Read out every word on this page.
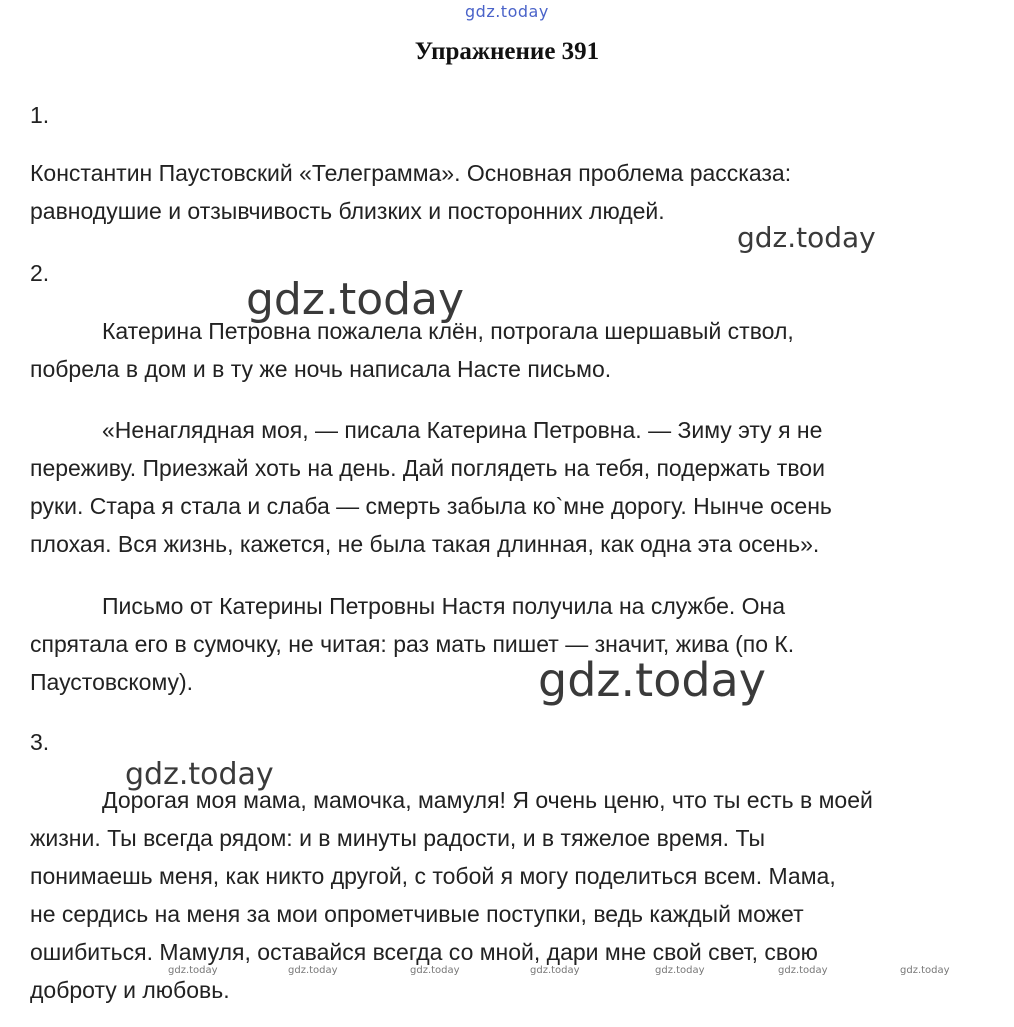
gdz.today
Упражнение 391
1.
Константин Паустовский «Телеграмма». Основная проблема рассказа:
равнодушие и отзывчивость близких и посторонних людей.
2.
Катерина Петровна пожалела клён, потрогала шершавый ствол,
побрела в дом и в ту же ночь написала Насте письмо.
«Ненаглядная моя, — писала Катерина Петровна. — Зиму эту я не
переживу. Приезжай хоть на день. Дай поглядеть на тебя, подержать твои
руки. Стара я стала и слаба — смерть забыла ко`мне дорогу. Нынче осень
плохая. Вся жизнь, кажется, не была такая длинная, как одна эта осень».
Письмо от Катерины Петровны Настя получила на службе. Она
спрятала его в сумочку, не читая: раз мать пишет — значит, жива (по К.
Паустовскому).
3.
Дорогая моя мама, мамочка, мамуля! Я очень ценю, что ты есть в моей
жизни. Ты всегда рядом: и в минуты радости, и в тяжелое время. Ты
понимаешь меня, как никто другой, с тобой я могу поделиться всем. Мама,
не сердись на меня за мои опрометчивые поступки, ведь каждый может
ошибиться. Мамуля, оставайся всегда со мной, дари мне свой свет, свою
доброту и любовь.
gdz.today
gdz.today
gdz.today
gdz.today
gdz.today	gdz.today	gdz.today	gdz.today	gdz.today	gdz.today	gdz.today
